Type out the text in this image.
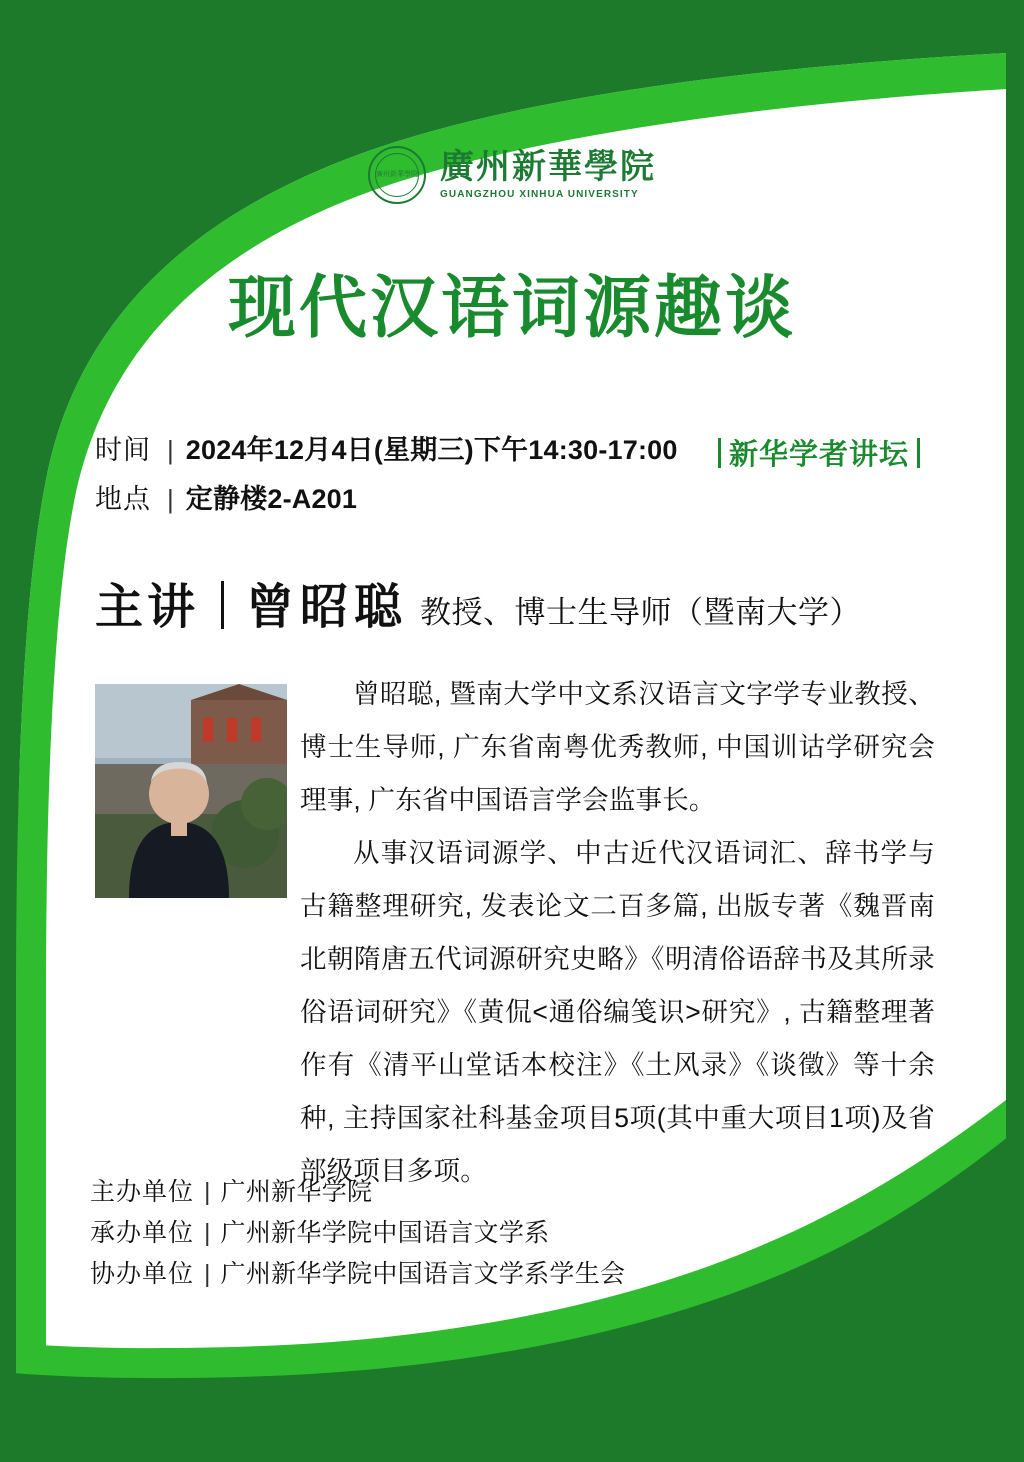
廣州新華學院 廣州新華學院
GUANGZHOU XINHUA UNIVERSITY
现代汉语词源趣谈
时间 | 2024年12月4日(星期三)下午14:30-17:00
地点 | 定静楼2-A201
新华学者讲坛
主讲 曾昭聪 教授、博士生导师（暨南大学）

曾昭聪, 暨南大学中文系汉语言文字学专业教授、博士生导师, 广东省南粤优秀教师, 中国训诂学研究会理事, 广东省中国语言学会监事长。

从事汉语词源学、中古近代汉语词汇、辞书学与古籍整理研究, 发表论文二百多篇, 出版专著《魏晋南北朝隋唐五代词源研究史略》《明清俗语辞书及其所录俗语词研究》《黄侃<通俗编笺识>研究》, 古籍整理著作有《清平山堂话本校注》《土风录》《谈徵》等十余种, 主持国家社科基金项目5项(其中重大项目1项)及省部级项目多项。

主办单位 | 广州新华学院
承办单位 | 广州新华学院中国语言文学系
协办单位 | 广州新华学院中国语言文学系学生会
